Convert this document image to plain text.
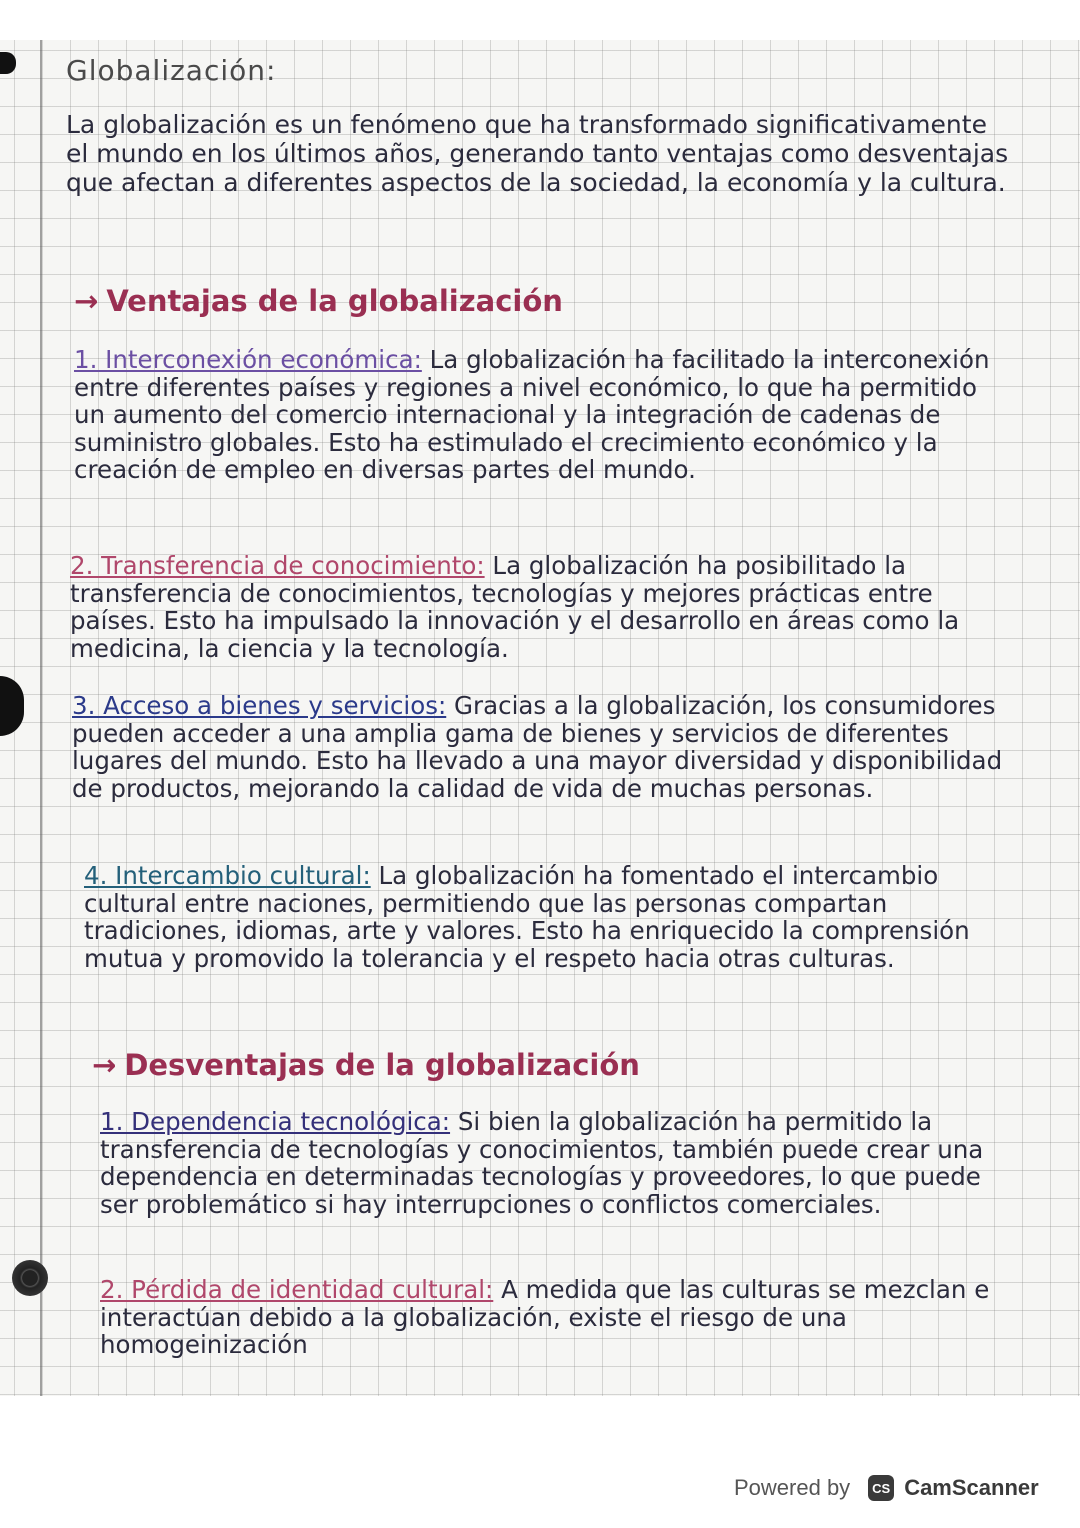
Globalización:

La globalización es un fenómeno que ha transformado significativamente el mundo en los últimos años, generando tanto ventajas como desventajas que afectan a diferentes aspectos de la sociedad, la economía y la cultura.

→ Ventajas de la globalización

1. Interconexión económica: La globalización ha facilitado la interconexión entre diferentes países y regiones a nivel económico, lo que ha permitido un aumento del comercio internacional y la integración de cadenas de suministro globales. Esto ha estimulado el crecimiento económico y la creación de empleo en diversas partes del mundo.

2. Transferencia de conocimiento: La globalización ha posibilitado la transferencia de conocimientos, tecnologías y mejores prácticas entre países. Esto ha impulsado la innovación y el desarrollo en áreas como la medicina, la ciencia y la tecnología.

3. Acceso a bienes y servicios: Gracias a la globalización, los consumidores pueden acceder a una amplia gama de bienes y servicios de diferentes lugares del mundo. Esto ha llevado a una mayor diversidad y disponibilidad de productos, mejorando la calidad de vida de muchas personas.

4. Intercambio cultural: La globalización ha fomentado el intercambio cultural entre naciones, permitiendo que las personas compartan tradiciones, idiomas, arte y valores. Esto ha enriquecido la comprensión mutua y promovido la tolerancia y el respeto hacia otras culturas.

→ Desventajas de la globalización

1. Dependencia tecnológica: Si bien la globalización ha permitido la transferencia de tecnologías y conocimientos, también puede crear una dependencia en determinadas tecnologías y proveedores, lo que puede ser problemático si hay interrupciones o conflictos comerciales.

2. Pérdida de identidad cultural: A medida que las culturas se mezclan e interactúan debido a la globalización, existe el riesgo de una homogeinización

Powered by	CS CamScanner
